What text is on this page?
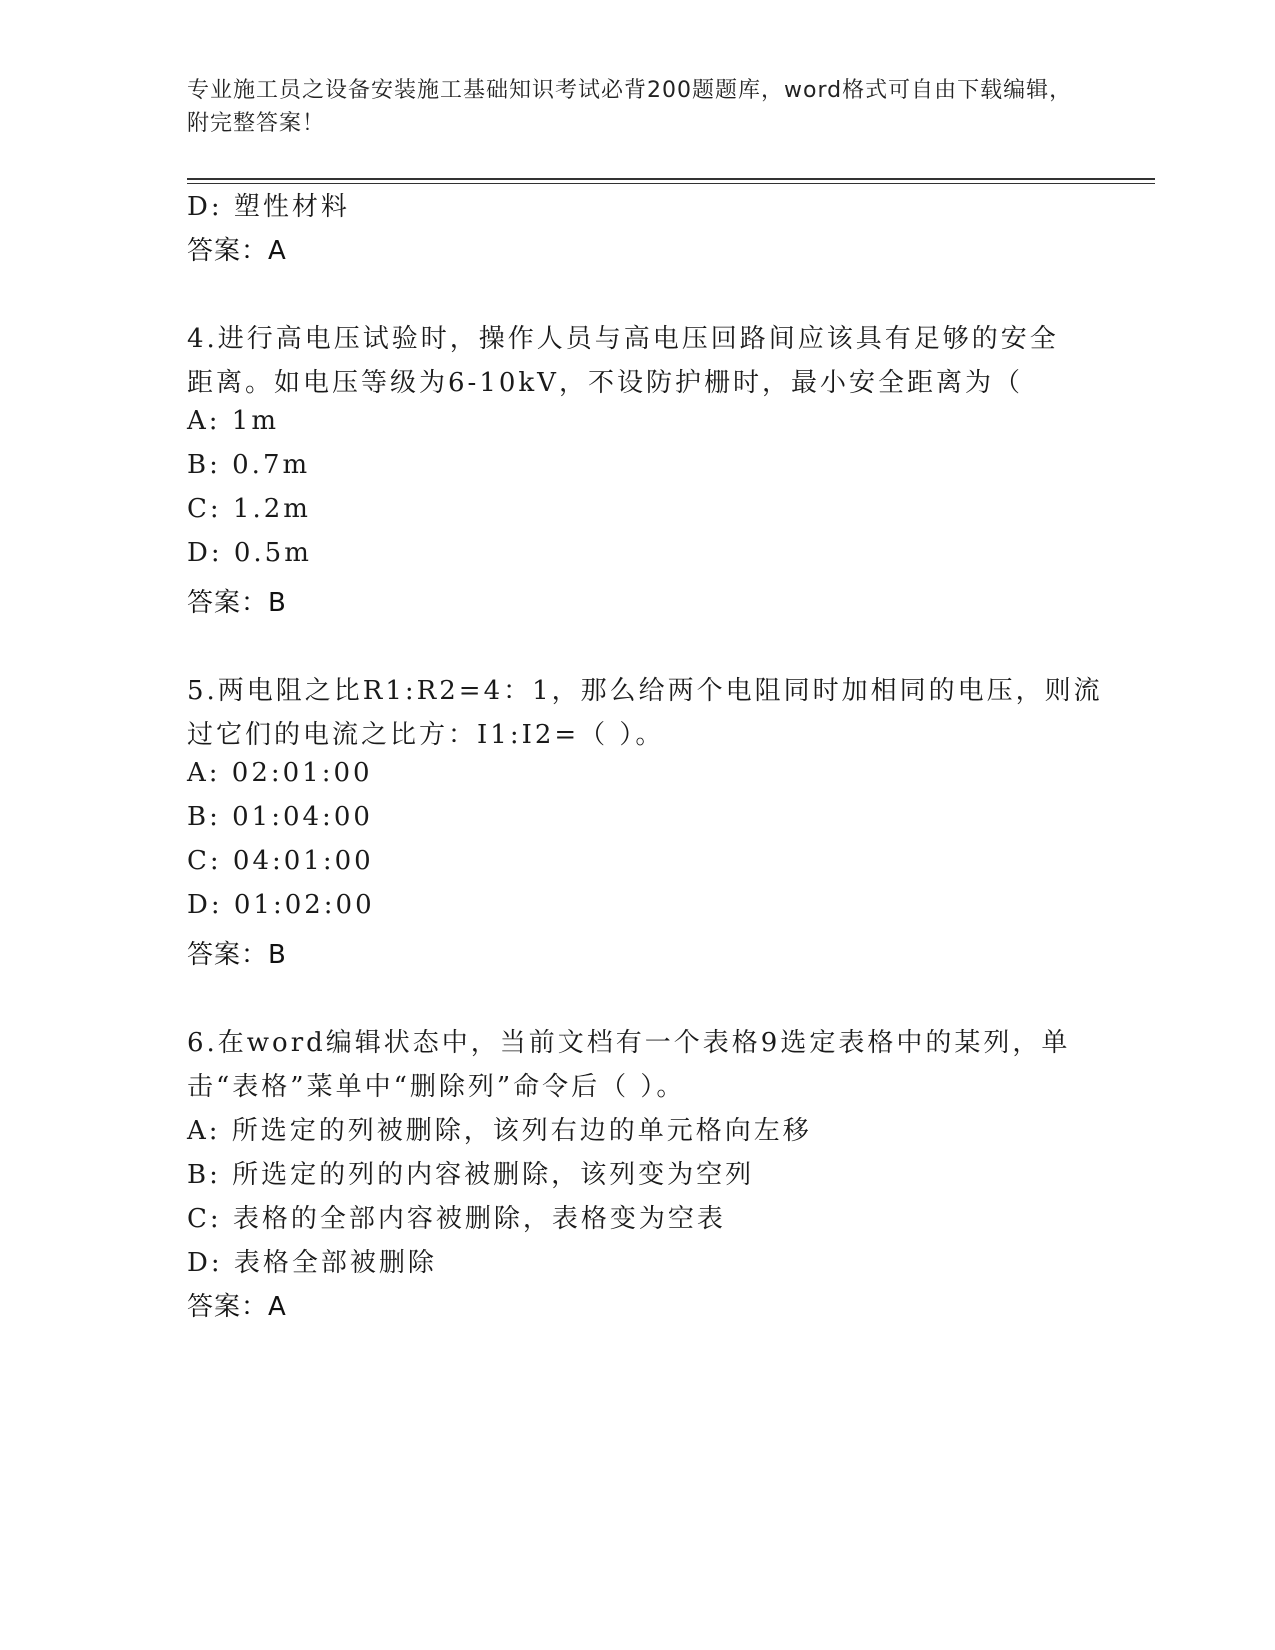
专业施工员之设备安装施工基础知识考试必背200题题库，word格式可自由下载编辑，附完整答案！
D: 塑性材料
答案：A
4.进行高电压试验时，操作人员与高电压回路间应该具有足够的安全
距离。如电压等级为6-10kV，不设防护栅时，最小安全距离为（
A: 1m
B: 0.7m
C: 1.2m
D: 0.5m
答案：B
5.两电阻之比R1:R2=4：1，那么给两个电阻同时加相同的电压，则流
过它们的电流之比方：I1:I2=（ ）。
A: 02:01:00
B: 01:04:00
C: 04:01:00
D: 01:02:00
答案：B
6.在word编辑状态中，当前文档有一个表格9选定表格中的某列，单
击“表格”菜单中“删除列”命令后（ ）。
A: 所选定的列被删除，该列右边的单元格向左移
B: 所选定的列的内容被删除，该列变为空列
C: 表格的全部内容被删除，表格变为空表
D: 表格全部被删除
答案：A
